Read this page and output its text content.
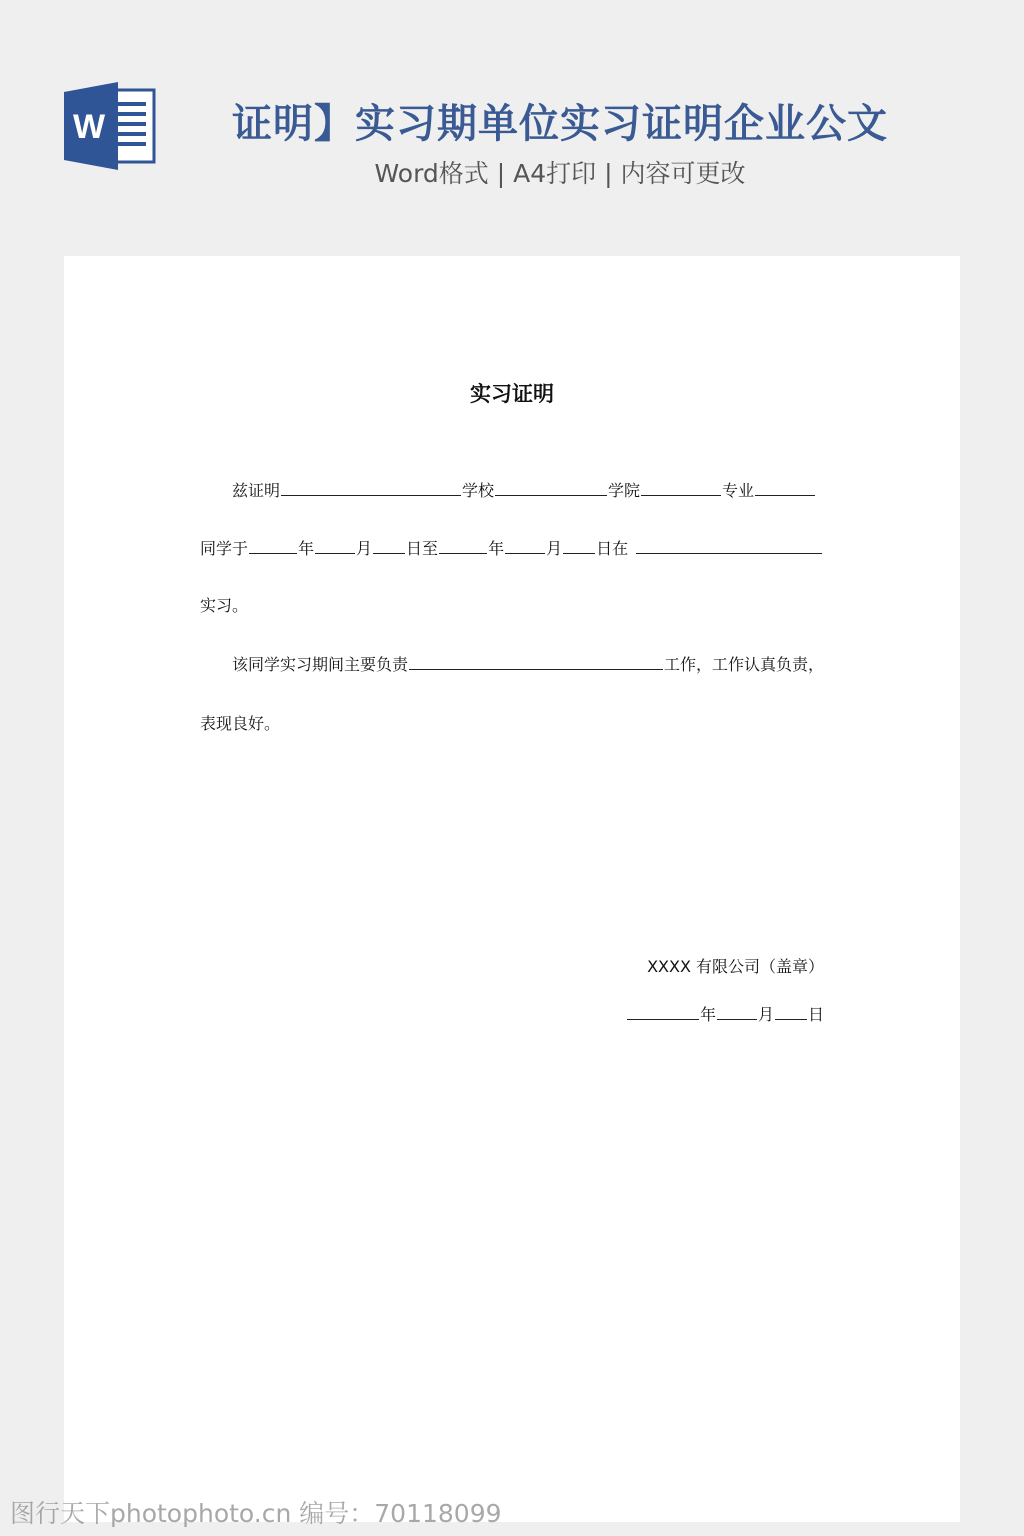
W	证明】实习期单位实习证明企业公文
Word格式 | A4打印 | 内容可更改
实习证明
兹证明	学校	学院	专业
同学于	年	月 日至	年	月 日在
实习。
该同学实习期间主要负责	工作，工作认真负责，
表现良好。
XXXX 有限公司（盖章）
年	月 日
图行天下photophoto.cn 编号：70118099
